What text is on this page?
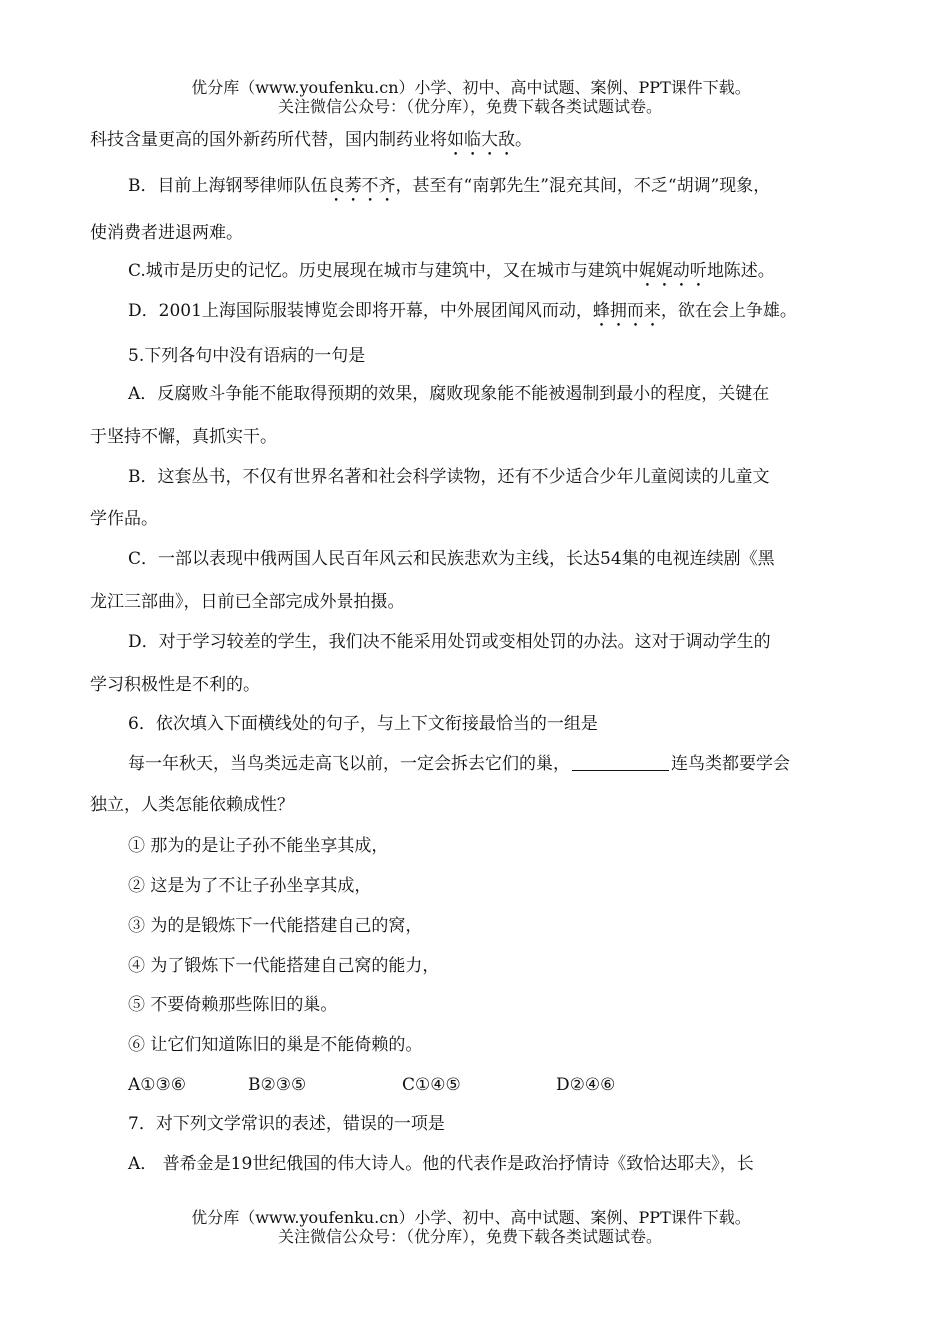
优分库（www.youfenku.cn）小学、初中、高中试题、案例、PPT课件下载。
关注微信公众号：（优分库），免费下载各类试题试卷。
科技含量更高的国外新药所代替，国内制药业将如临大敌。
B．目前上海钢琴律师队伍良莠不齐，甚至有“南郭先生”混充其间，不乏“胡调”现象，
使消费者进退两难。
C.城市是历史的记忆。历史展现在城市与建筑中，又在城市与建筑中娓娓动听地陈述。
D．2001上海国际服装博览会即将开幕，中外展团闻风而动，蜂拥而来，欲在会上争雄。
5.下列各句中没有语病的一句是
A．反腐败斗争能不能取得预期的效果，腐败现象能不能被遏制到最小的程度，关键在
于坚持不懈，真抓实干。
B．这套丛书，不仅有世界名著和社会科学读物，还有不少适合少年儿童阅读的儿童文
学作品。
C．一部以表现中俄两国人民百年风云和民族悲欢为主线，长达54集的电视连续剧《黑
龙江三部曲》，日前已全部完成外景拍摄。
D．对于学习较差的学生，我们决不能采用处罚或变相处罚的办法。这对于调动学生的
学习积极性是不利的。
6．依次填入下面横线处的句子，与上下文衔接最恰当的一组是
每一年秋天，当鸟类远走高飞以前，一定会拆去它们的巢，	连鸟类都要学会
独立，人类怎能依赖成性？
① 那为的是让子孙不能坐享其成，
② 这是为了不让子孙坐享其成，
③ 为的是锻炼下一代能搭建自己的窝，
④ 为了锻炼下一代能搭建自己窝的能力，
⑤ 不要倚赖那些陈旧的巢。
⑥ 让它们知道陈旧的巢是不能倚赖的。
A①③⑥	B②③⑤	C①④⑤	D②④⑥
7．对下列文学常识的表述，错误的一项是
A． 普希金是19世纪俄国的伟大诗人。他的代表作是政治抒情诗《致恰达耶夫》，长
优分库（www.youfenku.cn）小学、初中、高中试题、案例、PPT课件下载。
关注微信公众号：（优分库），免费下载各类试题试卷。
